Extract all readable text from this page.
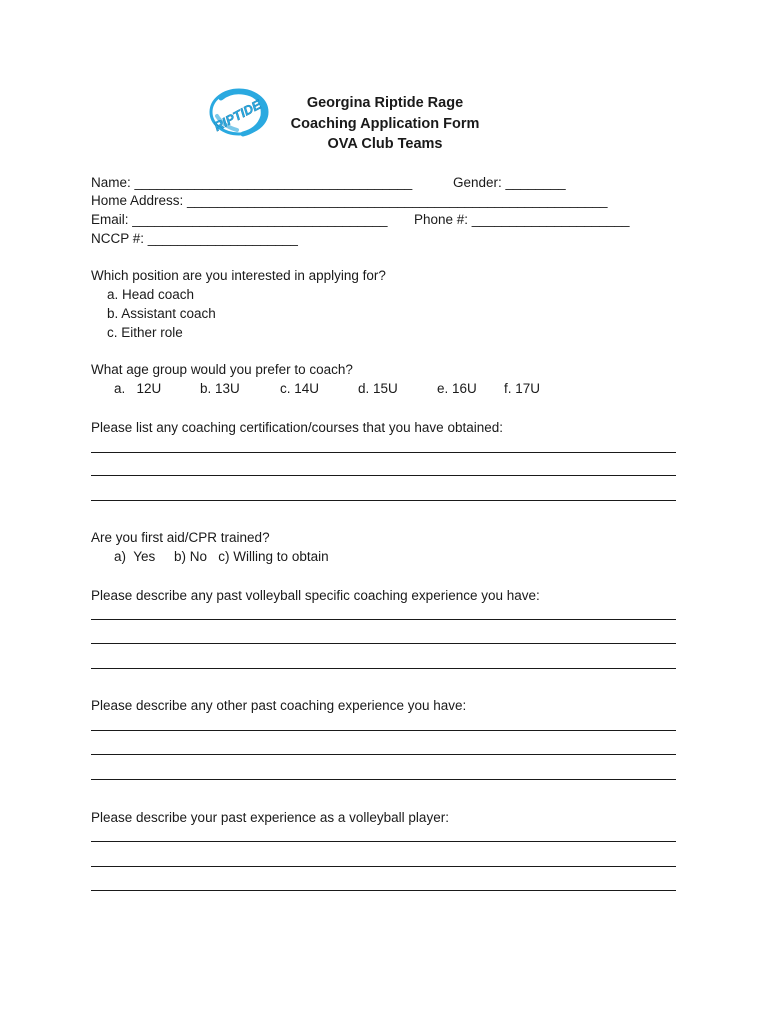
RIPTIDE	Georgina Riptide Rage
Coaching Application Form
OVA Club Teams
Name: _____________________________________	Gender: ________
Home Address: ________________________________________________________
Email: __________________________________ Phone #: _____________________
NCCP #: ____________________
Which position are you interested in applying for?
a. Head coach
b. Assistant coach
c. Either role
What age group would you prefer to coach?
a.   12U	b. 13U	c. 14U	d. 15U	e. 16U f. 17U
Please list any coaching certification/courses that you have obtained:
Are you first aid/CPR trained?
a)  Yes     b) No   c) Willing to obtain
Please describe any past volleyball specific coaching experience you have:
Please describe any other past coaching experience you have:
Please describe your past experience as a volleyball player:
